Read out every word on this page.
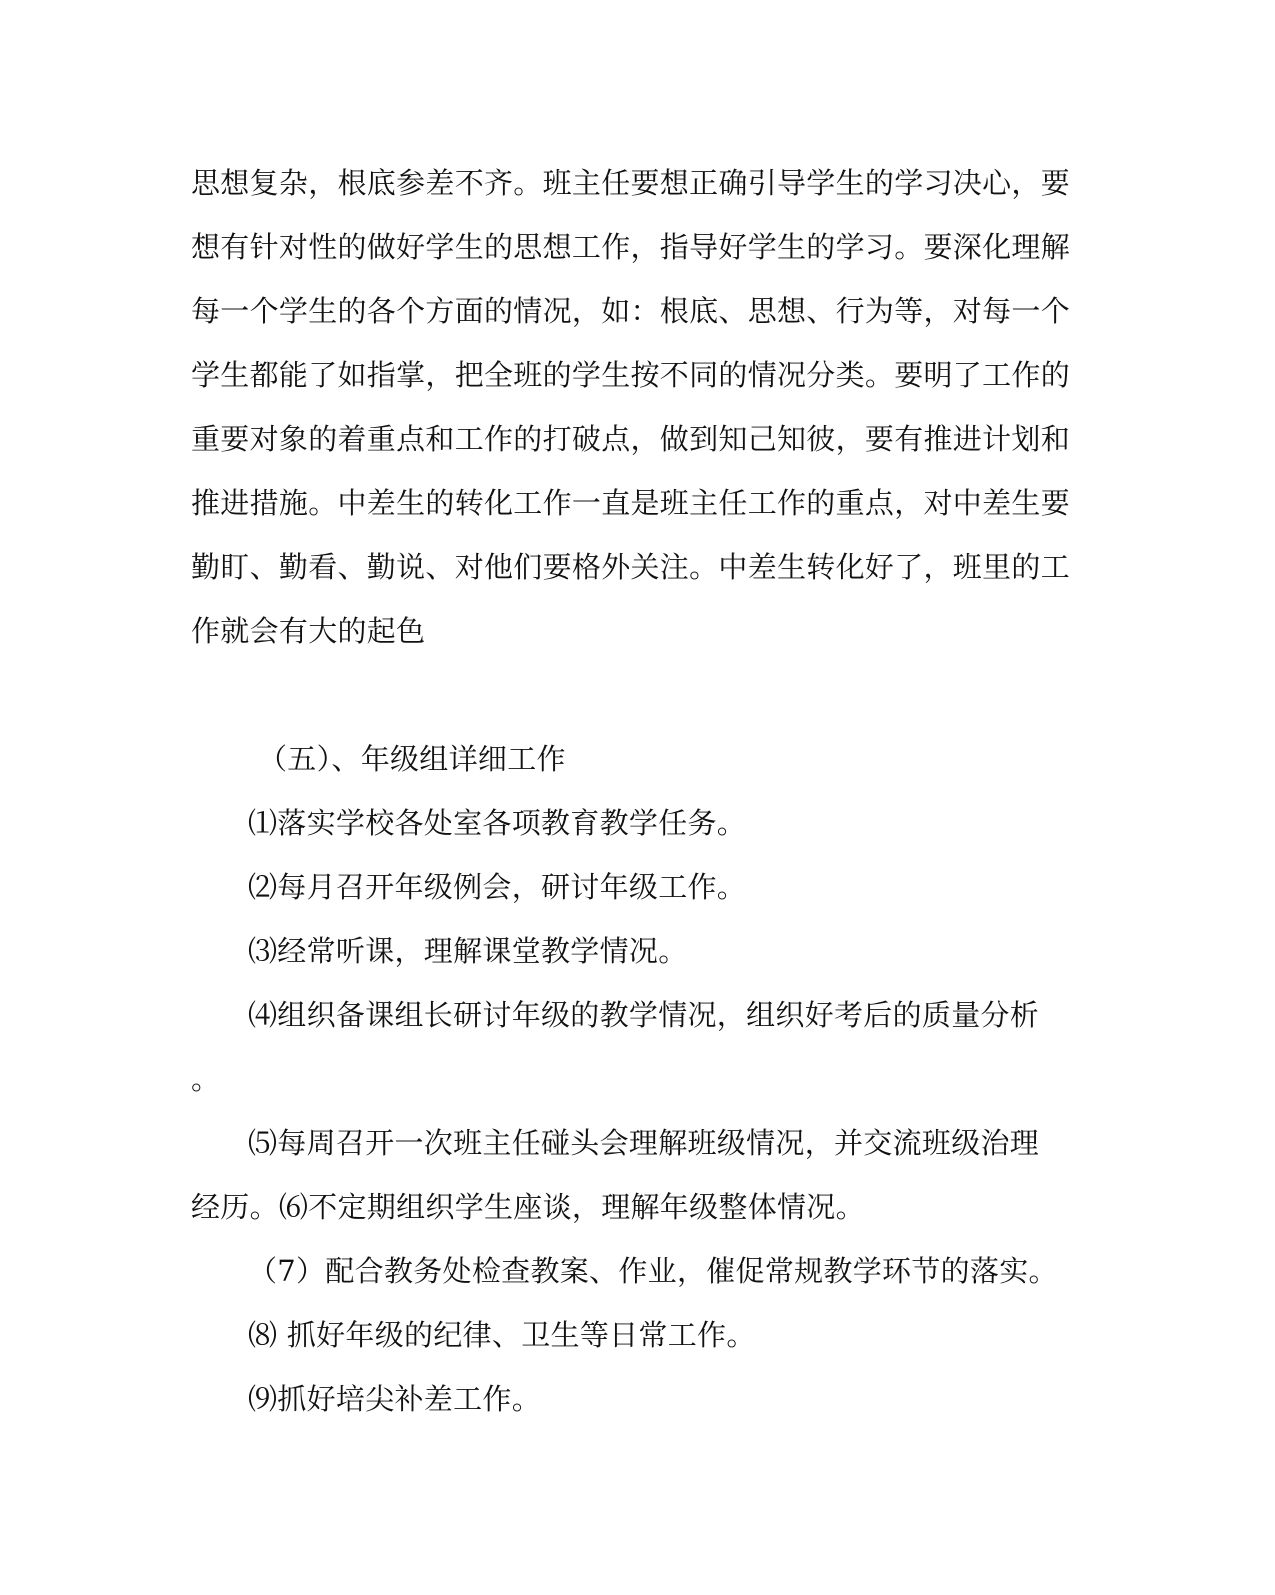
思想复杂，根底参差不齐。班主任要想正确引导学生的学习决心，要
想有针对性的做好学生的思想工作，指导好学生的学习。要深化理解
每一个学生的各个方面的情况，如：根底、思想、行为等，对每一个
学生都能了如指掌，把全班的学生按不同的情况分类。要明了工作的
重要对象的着重点和工作的打破点，做到知己知彼，要有推进计划和
推进措施。中差生的转化工作一直是班主任工作的重点，对中差生要
勤盯、勤看、勤说、对他们要格外关注。中差生转化好了，班里的工
作就会有大的起色
（五）、年级组详细工作
⑴落实学校各处室各项教育教学任务。
⑵每月召开年级例会，研讨年级工作。
⑶经常听课，理解课堂教学情况。
⑷组织备课组长研讨年级的教学情况，组织好考后的质量分析
。
⑸每周召开一次班主任碰头会理解班级情况，并交流班级治理
经历。⑹不定期组织学生座谈，理解年级整体情况。
（7）配合教务处检查教案、作业，催促常规教学环节的落实。
⑻ 抓好年级的纪律、卫生等日常工作。
⑼抓好培尖补差工作。
